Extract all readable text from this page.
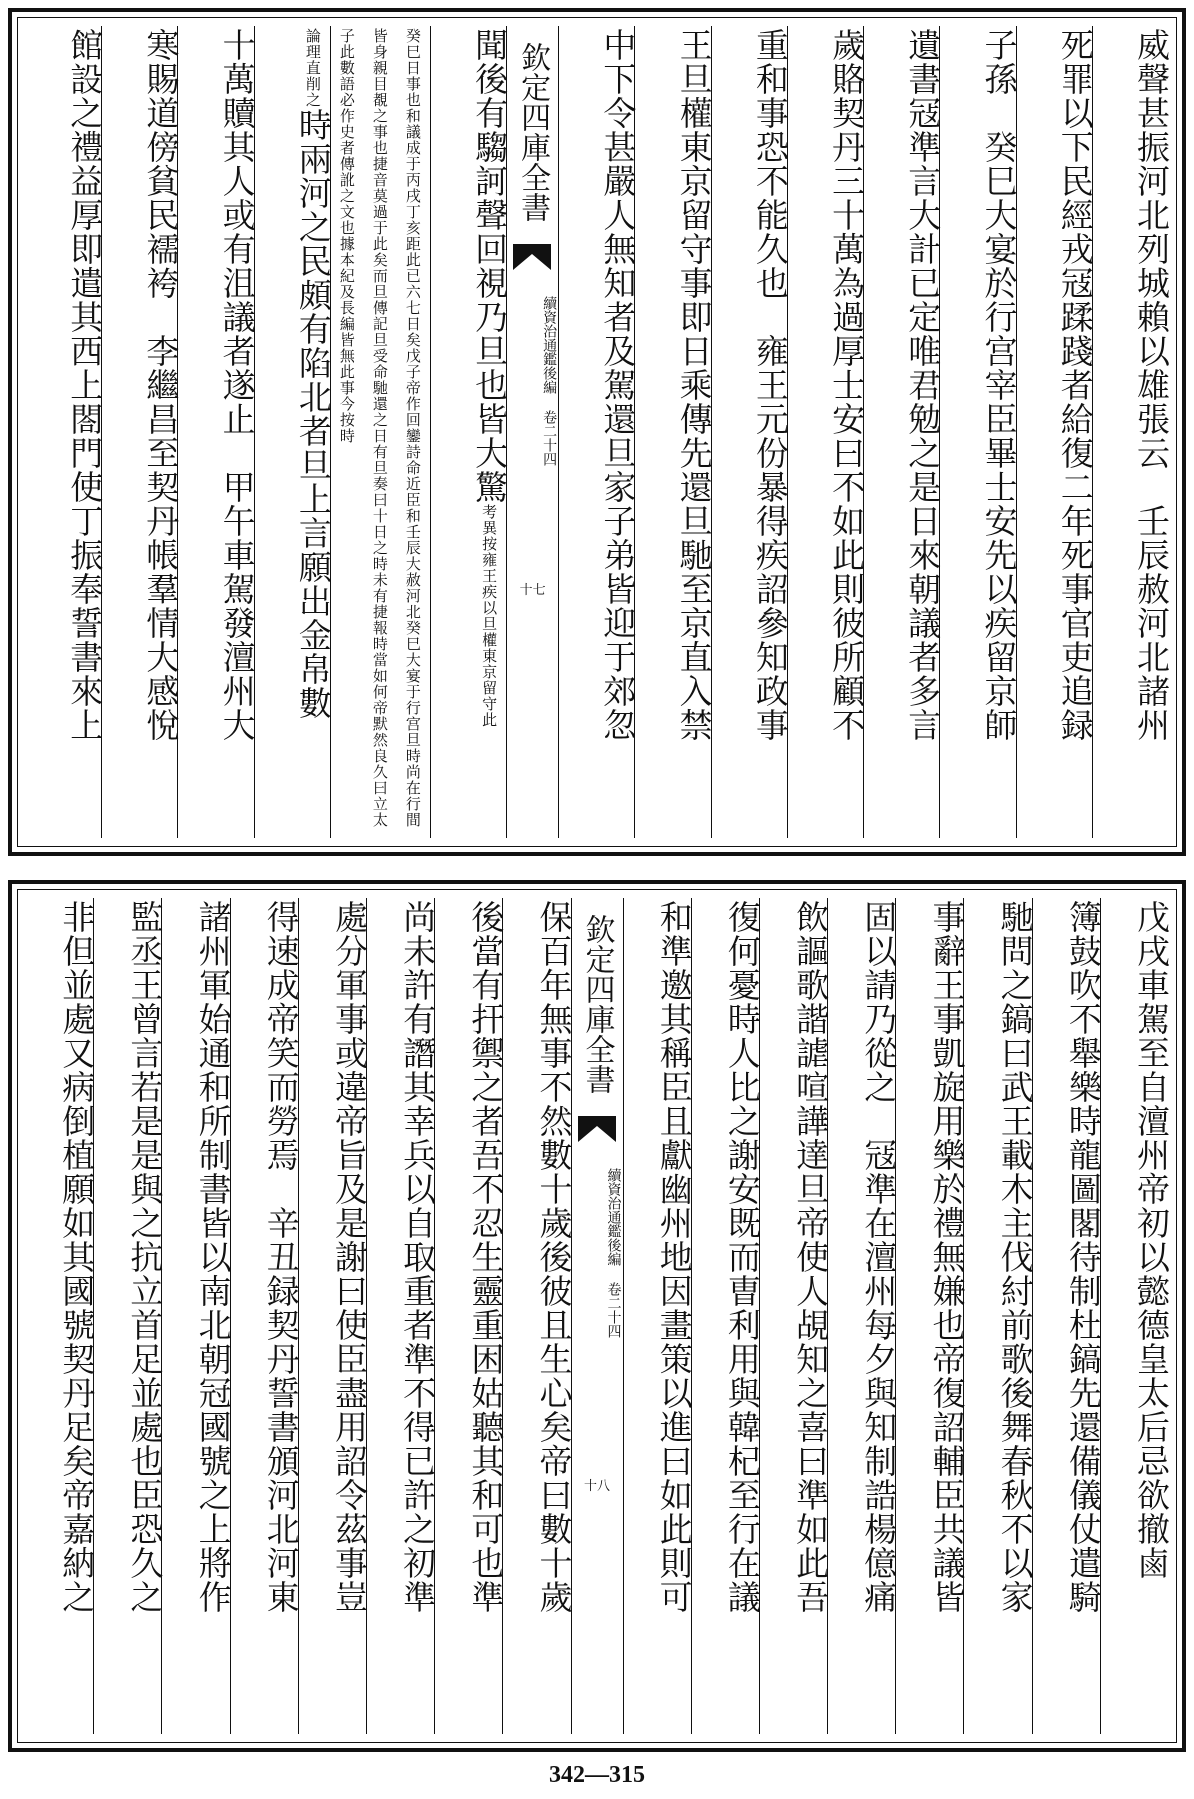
威聲甚振河北列城賴以雄張云　壬辰赦河北諸州
死罪以下民經戎冦蹂踐者給復二年死事官吏追録
子孫　癸巳大宴於行宫宰臣畢士安先以疾留京師
遺書冦準言大計已定唯君勉之是日來朝議者多言
歲賂契丹三十萬為過厚士安曰不如此則彼所顧不
重和事恐不能久也　雍王元份暴得疾詔參知政事
王旦權東京留守事即日乘傳先還旦馳至京直入禁
中下令甚嚴人無知者及駕還旦家子弟皆迎于郊忽
欽定四庫全書
續資治通鑑後編 卷二十四
十七
聞後有騶訶聲回視乃旦也皆大驚考異按雍王疾以旦權東京留守此
癸巳日事也和議成于丙戌丁亥距此已六七日矣戊子帝作回鑾詩命近臣和壬辰大赦河北癸巳大宴于行宫旦時尚在行間皆身親目覩之事也捷音莫過于此矣而旦傳記旦受命馳還之日有旦奏曰十日之時未有捷報時當如何帝默然良久曰立太子此數語必作史者傳訛之文也據本紀及長編皆無此事今按時
論理直削之時兩河之民頗有陷北者旦上言願出金帛數
十萬贖其人或有沮議者遂止　甲午車駕發澶州大
寒賜道傍貧民襦袴　李繼昌至契丹帳羣情大感悅
館設之禮益厚即遣其西上閤門使丁振奉誓書來上
戊戌車駕至自澶州帝初以懿德皇太后忌欲撤鹵
簿鼓吹不舉樂時龍圖閣待制杜鎬先還備儀仗遣騎
馳問之鎬曰武王載木主伐紂前歌後舞春秋不以家
事辭王事凱旋用樂於禮無嫌也帝復詔輔臣共議皆
固以請乃從之　冦準在澶州每夕與知制誥楊億痛
飲謳歌諧謔喧譁達旦帝使人覘知之喜曰準如此吾
復何憂時人比之謝安既而曺利用與韓杞至行在議
和準邀其稱臣且獻幽州地因畫策以進曰如此則可
欽定四庫全書
續資治通鑑後編 卷二十四
十八
保百年無事不然數十歲後彼且生心矣帝曰數十歲
後當有扞禦之者吾不忍生靈重困姑聽其和可也準
尚未許有譖其幸兵以自取重者準不得已許之初準
處分軍事或違帝旨及是謝曰使臣盡用詔令茲事豈
得速成帝笑而勞焉　辛丑録契丹誓書頒河北河東
諸州軍始通和所制書皆以南北朝冠國號之上將作
監丞王曾言若是是與之抗立首足並處也臣恐久之
非但並處又病倒植願如其國號契丹足矣帝嘉納之
342—315
